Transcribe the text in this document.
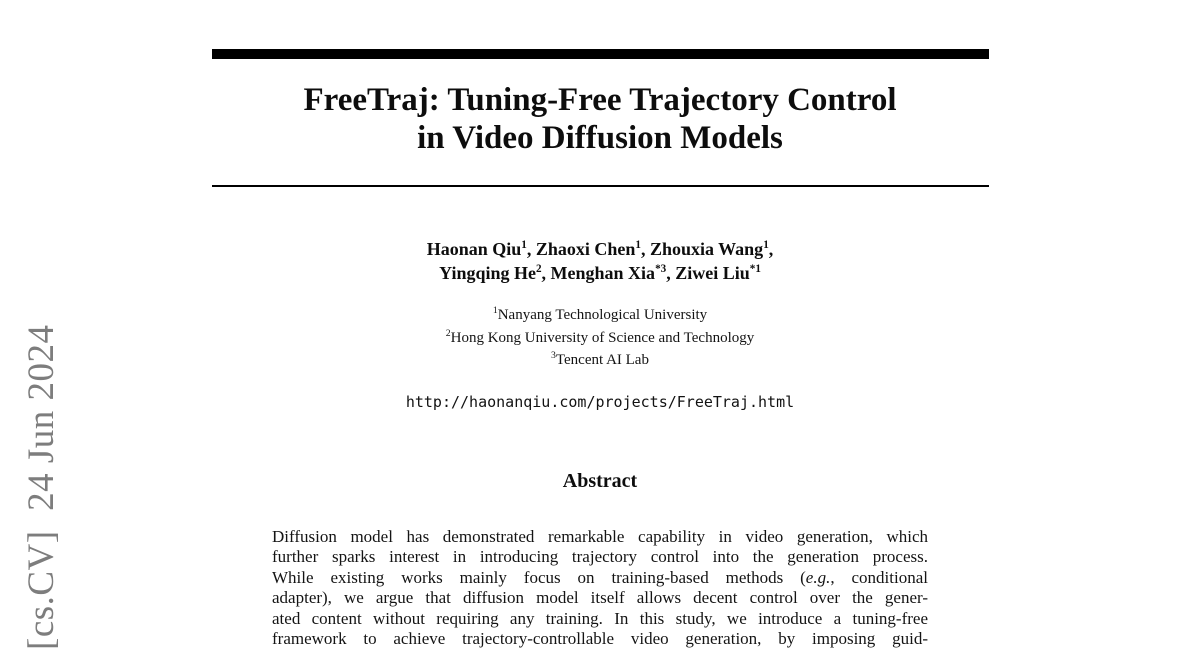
[cs.CV]  24 Jun 2024
FreeTraj: Tuning-Free Trajectory Control
in Video Diffusion Models
Haonan Qiu$^1$, Zhaoxi Chen$^1$, Zhouxia Wang$^1$,
Yingqing He$^2$, Menghan Xia$^{*3}$, Ziwei Liu$^{*1}$
$^1$Nanyang Technological University
$^2$Hong Kong University of Science and Technology
$^3$Tencent AI Lab
http://haonanqiu.com/projects/FreeTraj.html
Abstract
Diffusion model has demonstrated remarkable capability in video generation, which
further sparks interest in introducing trajectory control into the generation process.
While existing works mainly focus on training-based methods (e.g., conditional
adapter), we argue that diffusion model itself allows decent control over the gener-
ated content without requiring any training. In this study, we introduce a tuning-free
framework to achieve trajectory-controllable video generation, by imposing guid-
